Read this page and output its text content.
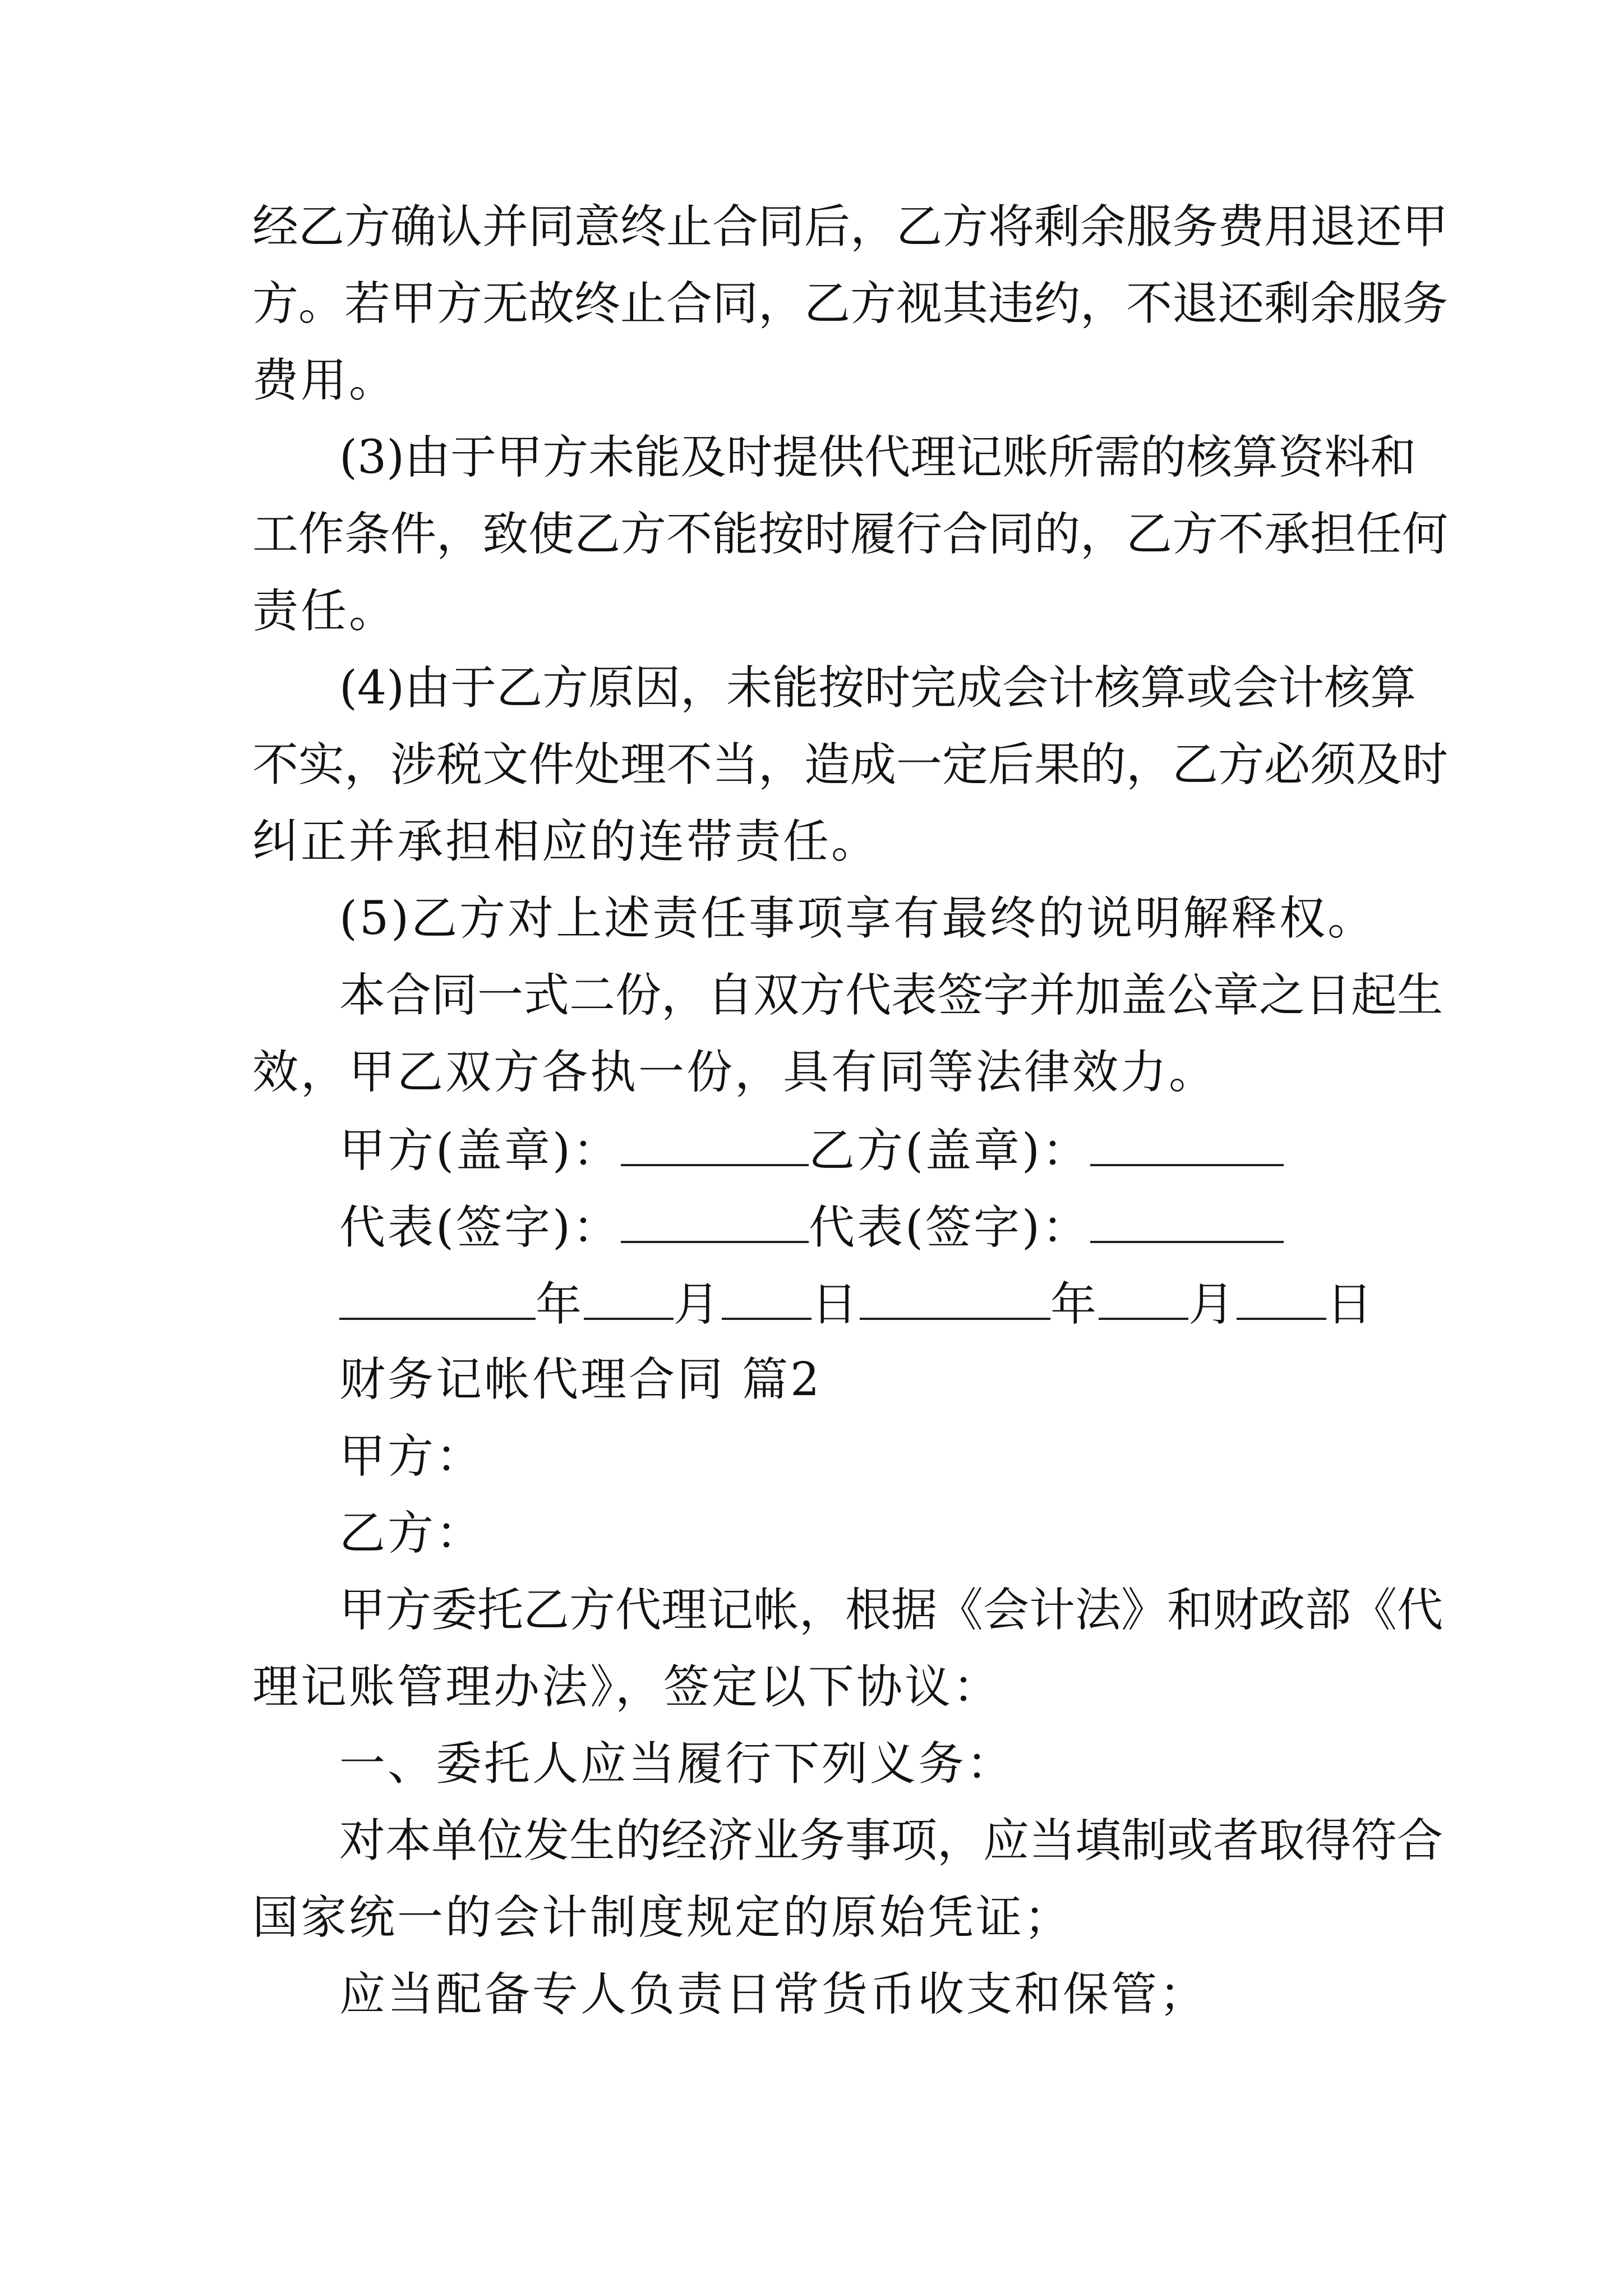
经乙方确认并同意终止合同后，乙方将剩余服务费用退还甲
方。若甲方无故终止合同，乙方视其违约，不退还剩余服务
费用。
(3)由于甲方未能及时提供代理记账所需的核算资料和
工作条件，致使乙方不能按时履行合同的，乙方不承担任何
责任。
(4)由于乙方原因，未能按时完成会计核算或会计核算
不实，涉税文件处理不当，造成一定后果的，乙方必须及时
纠正并承担相应的连带责任。
(5)乙方对上述责任事项享有最终的说明解释权。
本合同一式二份，自双方代表签字并加盖公章之日起生
效，甲乙双方各执一份，具有同等法律效力。
甲方(盖章)：	乙方(盖章)：
代表(签字)：	代表(签字)：
年 月 日	年 月 日
财务记帐代理合同 篇2
甲方：
乙方：
甲方委托乙方代理记帐，根据《会计法》和财政部《代
理记账管理办法》，签定以下协议：
一、委托人应当履行下列义务：
对本单位发生的经济业务事项，应当填制或者取得符合
国家统一的会计制度规定的原始凭证；
应当配备专人负责日常货币收支和保管；
